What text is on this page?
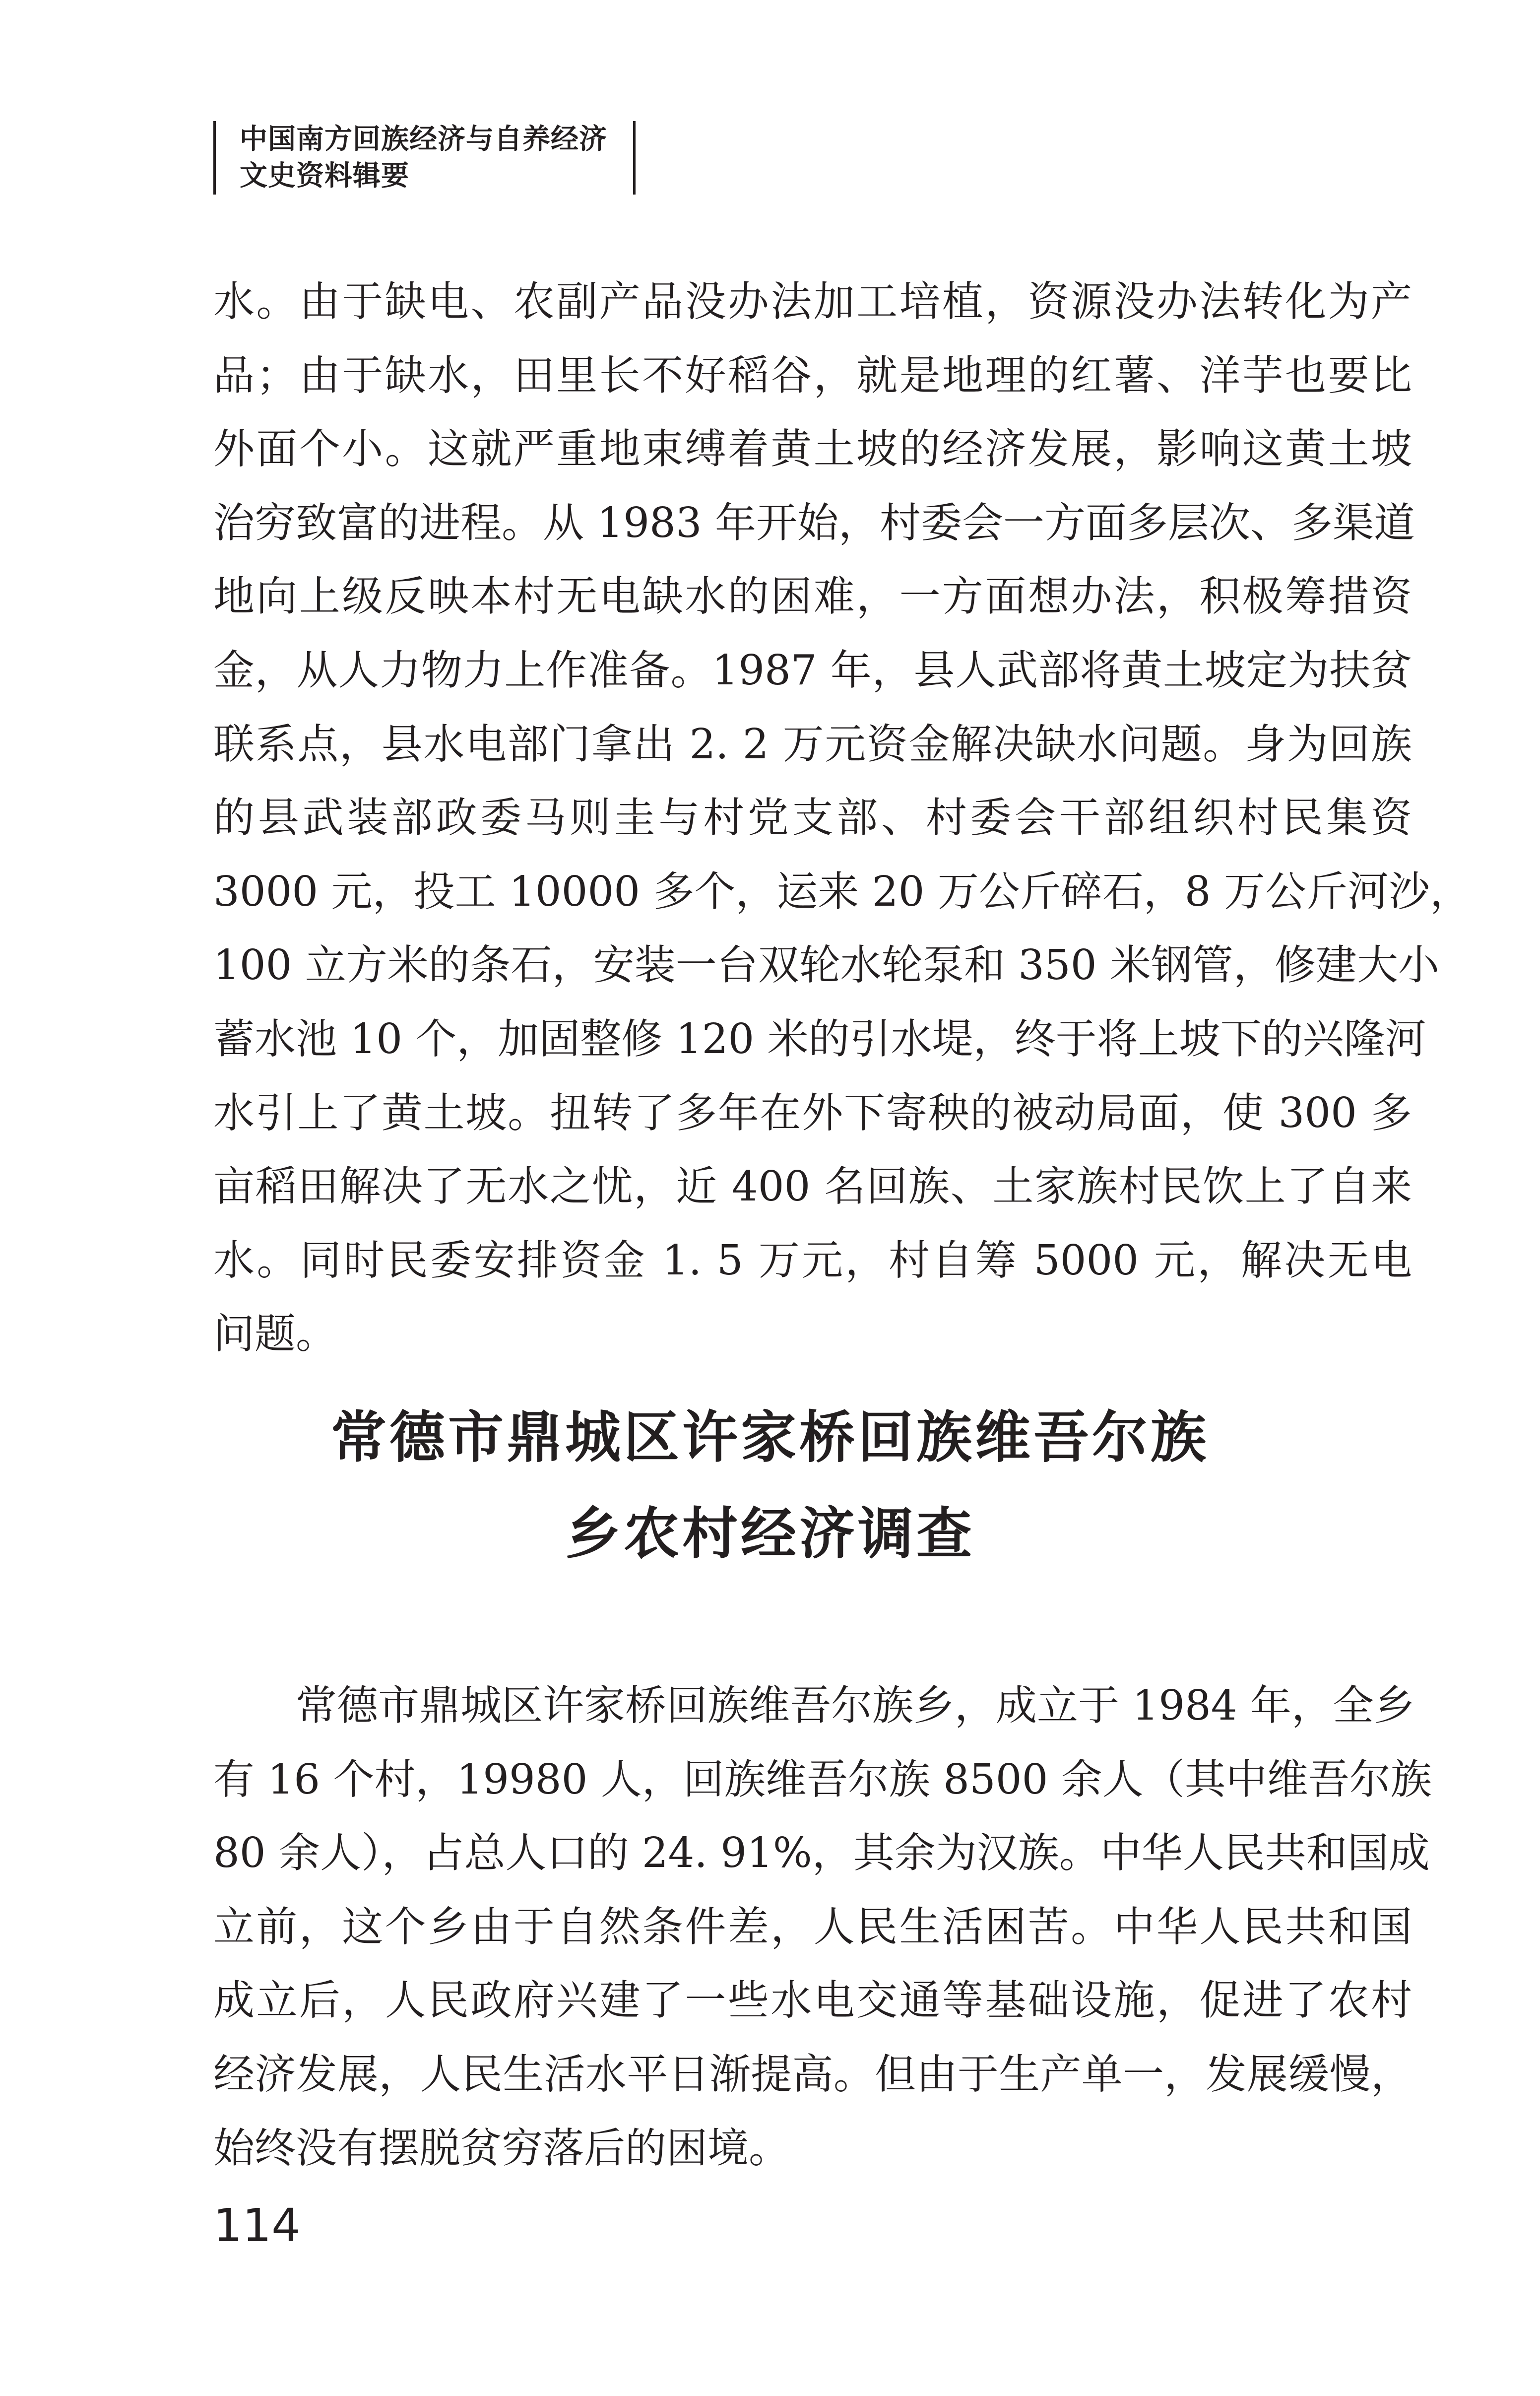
中国南方回族经济与自养经济
文史资料辑要
水。由于缺电、农副产品没办法加工培植，资源没办法转化为产
品；由于缺水，田里长不好稻谷，就是地理的红薯、洋芋也要比
外面个小。这就严重地束缚着黄土坡的经济发展，影响这黄土坡
治穷致富的进程。从 1983 年开始，村委会一方面多层次、多渠道
地向上级反映本村无电缺水的困难，一方面想办法，积极筹措资
金，从人力物力上作准备。1987 年，县人武部将黄土坡定为扶贫
联系点，县水电部门拿出 2. 2 万元资金解决缺水问题。身为回族
的县武装部政委马则圭与村党支部、村委会干部组织村民集资
3000 元，投工 10000 多个，运来 20 万公斤碎石，8 万公斤河沙，
100 立方米的条石，安装一台双轮水轮泵和 350 米钢管，修建大小
蓄水池 10 个，加固整修 120 米的引水堤，终于将上坡下的兴隆河
水引上了黄土坡。扭转了多年在外下寄秧的被动局面，使 300 多
亩稻田解决了无水之忧，近 400 名回族、土家族村民饮上了自来
水。同时民委安排资金 1. 5 万元，村自筹 5000 元，解决无电
问题。
常德市鼎城区许家桥回族维吾尔族
乡农村经济调查
　　常德市鼎城区许家桥回族维吾尔族乡，成立于 1984 年，全乡
有 16 个村，19980 人，回族维吾尔族 8500 余人（其中维吾尔族
80 余人），占总人口的 24. 91%，其余为汉族。中华人民共和国成
立前，这个乡由于自然条件差，人民生活困苦。中华人民共和国
成立后，人民政府兴建了一些水电交通等基础设施，促进了农村
经济发展，人民生活水平日渐提高。但由于生产单一，发展缓慢，
始终没有摆脱贫穷落后的困境。
114
